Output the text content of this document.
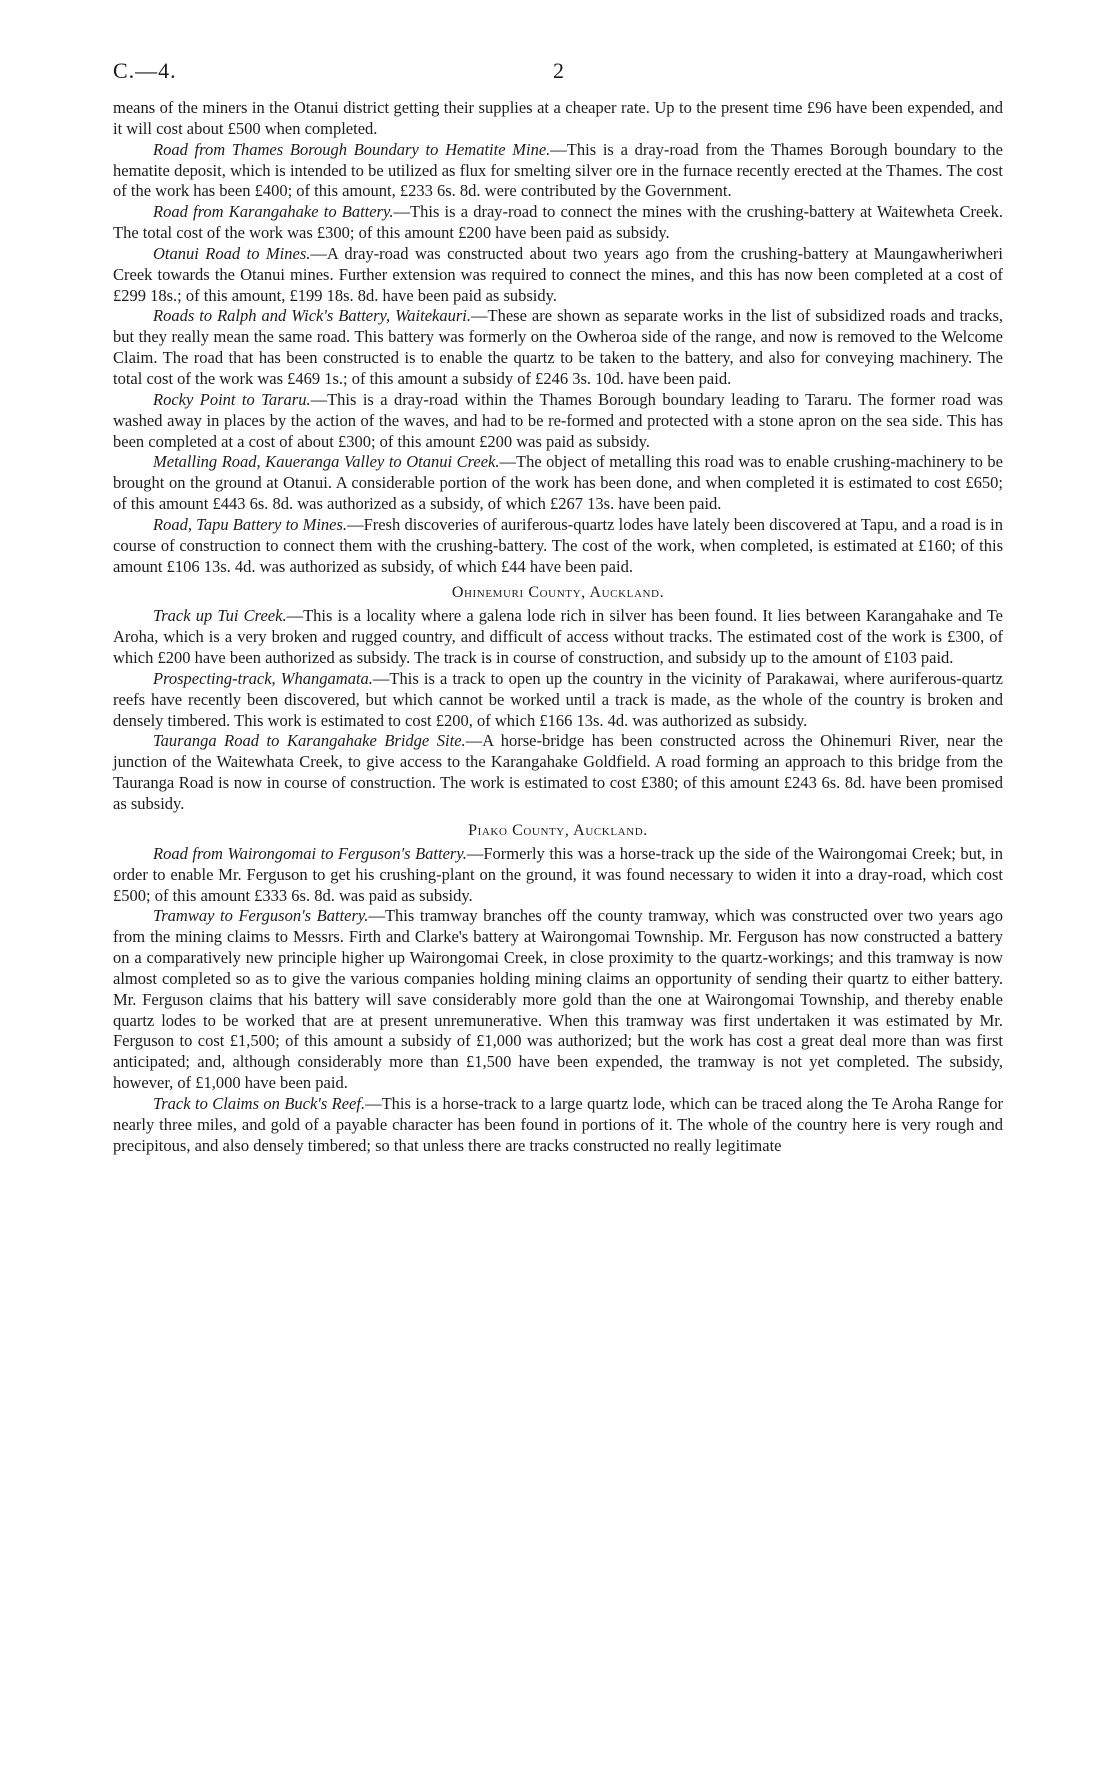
C.—4.	2

means of the miners in the Otanui district getting their supplies at a cheaper rate. Up to the present time £96 have been expended, and it will cost about £500 when completed.

Road from Thames Borough Boundary to Hematite Mine.—This is a dray-road from the Thames Borough boundary to the hematite deposit, which is intended to be utilized as flux for smelting silver ore in the furnace recently erected at the Thames. The cost of the work has been £400; of this amount, £233 6s. 8d. were contributed by the Government.

Road from Karangahake to Battery.—This is a dray-road to connect the mines with the crushing-battery at Waitewheta Creek. The total cost of the work was £300; of this amount £200 have been paid as subsidy.

Otanui Road to Mines.—A dray-road was constructed about two years ago from the crushing-battery at Maungawheriwheri Creek towards the Otanui mines. Further extension was required to connect the mines, and this has now been completed at a cost of £299 18s.; of this amount, £199 18s. 8d. have been paid as subsidy.

Roads to Ralph and Wick's Battery, Waitekauri.—These are shown as separate works in the list of subsidized roads and tracks, but they really mean the same road. This battery was formerly on the Owheroa side of the range, and now is removed to the Welcome Claim. The road that has been constructed is to enable the quartz to be taken to the battery, and also for conveying machinery. The total cost of the work was £469 1s.; of this amount a subsidy of £246 3s. 10d. have been paid.

Rocky Point to Tararu.—This is a dray-road within the Thames Borough boundary leading to Tararu. The former road was washed away in places by the action of the waves, and had to be re-formed and protected with a stone apron on the sea side. This has been completed at a cost of about £300; of this amount £200 was paid as subsidy.

Metalling Road, Kaueranga Valley to Otanui Creek.—The object of metalling this road was to enable crushing-machinery to be brought on the ground at Otanui. A considerable portion of the work has been done, and when completed it is estimated to cost £650; of this amount £443 6s. 8d. was authorized as a subsidy, of which £267 13s. have been paid.

Road, Tapu Battery to Mines.—Fresh discoveries of auriferous-quartz lodes have lately been discovered at Tapu, and a road is in course of construction to connect them with the crushing-battery. The cost of the work, when completed, is estimated at £160; of this amount £106 13s. 4d. was authorized as subsidy, of which £44 have been paid.

Ohinemuri County, Auckland.

Track up Tui Creek.—This is a locality where a galena lode rich in silver has been found. It lies between Karangahake and Te Aroha, which is a very broken and rugged country, and difficult of access without tracks. The estimated cost of the work is £300, of which £200 have been authorized as subsidy. The track is in course of construction, and subsidy up to the amount of £103 paid.

Prospecting-track, Whangamata.—This is a track to open up the country in the vicinity of Parakawai, where auriferous-quartz reefs have recently been discovered, but which cannot be worked until a track is made, as the whole of the country is broken and densely timbered. This work is estimated to cost £200, of which £166 13s. 4d. was authorized as subsidy.

Tauranga Road to Karangahake Bridge Site.—A horse-bridge has been constructed across the Ohinemuri River, near the junction of the Waitewhata Creek, to give access to the Karangahake Goldfield. A road forming an approach to this bridge from the Tauranga Road is now in course of construction. The work is estimated to cost £380; of this amount £243 6s. 8d. have been promised as subsidy.

Piako County, Auckland.

Road from Wairongomai to Ferguson's Battery.—Formerly this was a horse-track up the side of the Wairongomai Creek; but, in order to enable Mr. Ferguson to get his crushing-plant on the ground, it was found necessary to widen it into a dray-road, which cost £500; of this amount £333 6s. 8d. was paid as subsidy.

Tramway to Ferguson's Battery.—This tramway branches off the county tramway, which was constructed over two years ago from the mining claims to Messrs. Firth and Clarke's battery at Wairongomai Township. Mr. Ferguson has now constructed a battery on a comparatively new principle higher up Wairongomai Creek, in close proximity to the quartz-workings; and this tramway is now almost completed so as to give the various companies holding mining claims an opportunity of sending their quartz to either battery. Mr. Ferguson claims that his battery will save considerably more gold than the one at Wairongomai Township, and thereby enable quartz lodes to be worked that are at present unremunerative. When this tramway was first undertaken it was estimated by Mr. Ferguson to cost £1,500; of this amount a subsidy of £1,000 was authorized; but the work has cost a great deal more than was first anticipated; and, although considerably more than £1,500 have been expended, the tramway is not yet completed. The subsidy, however, of £1,000 have been paid.

Track to Claims on Buck's Reef.—This is a horse-track to a large quartz lode, which can be traced along the Te Aroha Range for nearly three miles, and gold of a payable character has been found in portions of it. The whole of the country here is very rough and precipitous, and also densely timbered; so that unless there are tracks constructed no really legitimate
